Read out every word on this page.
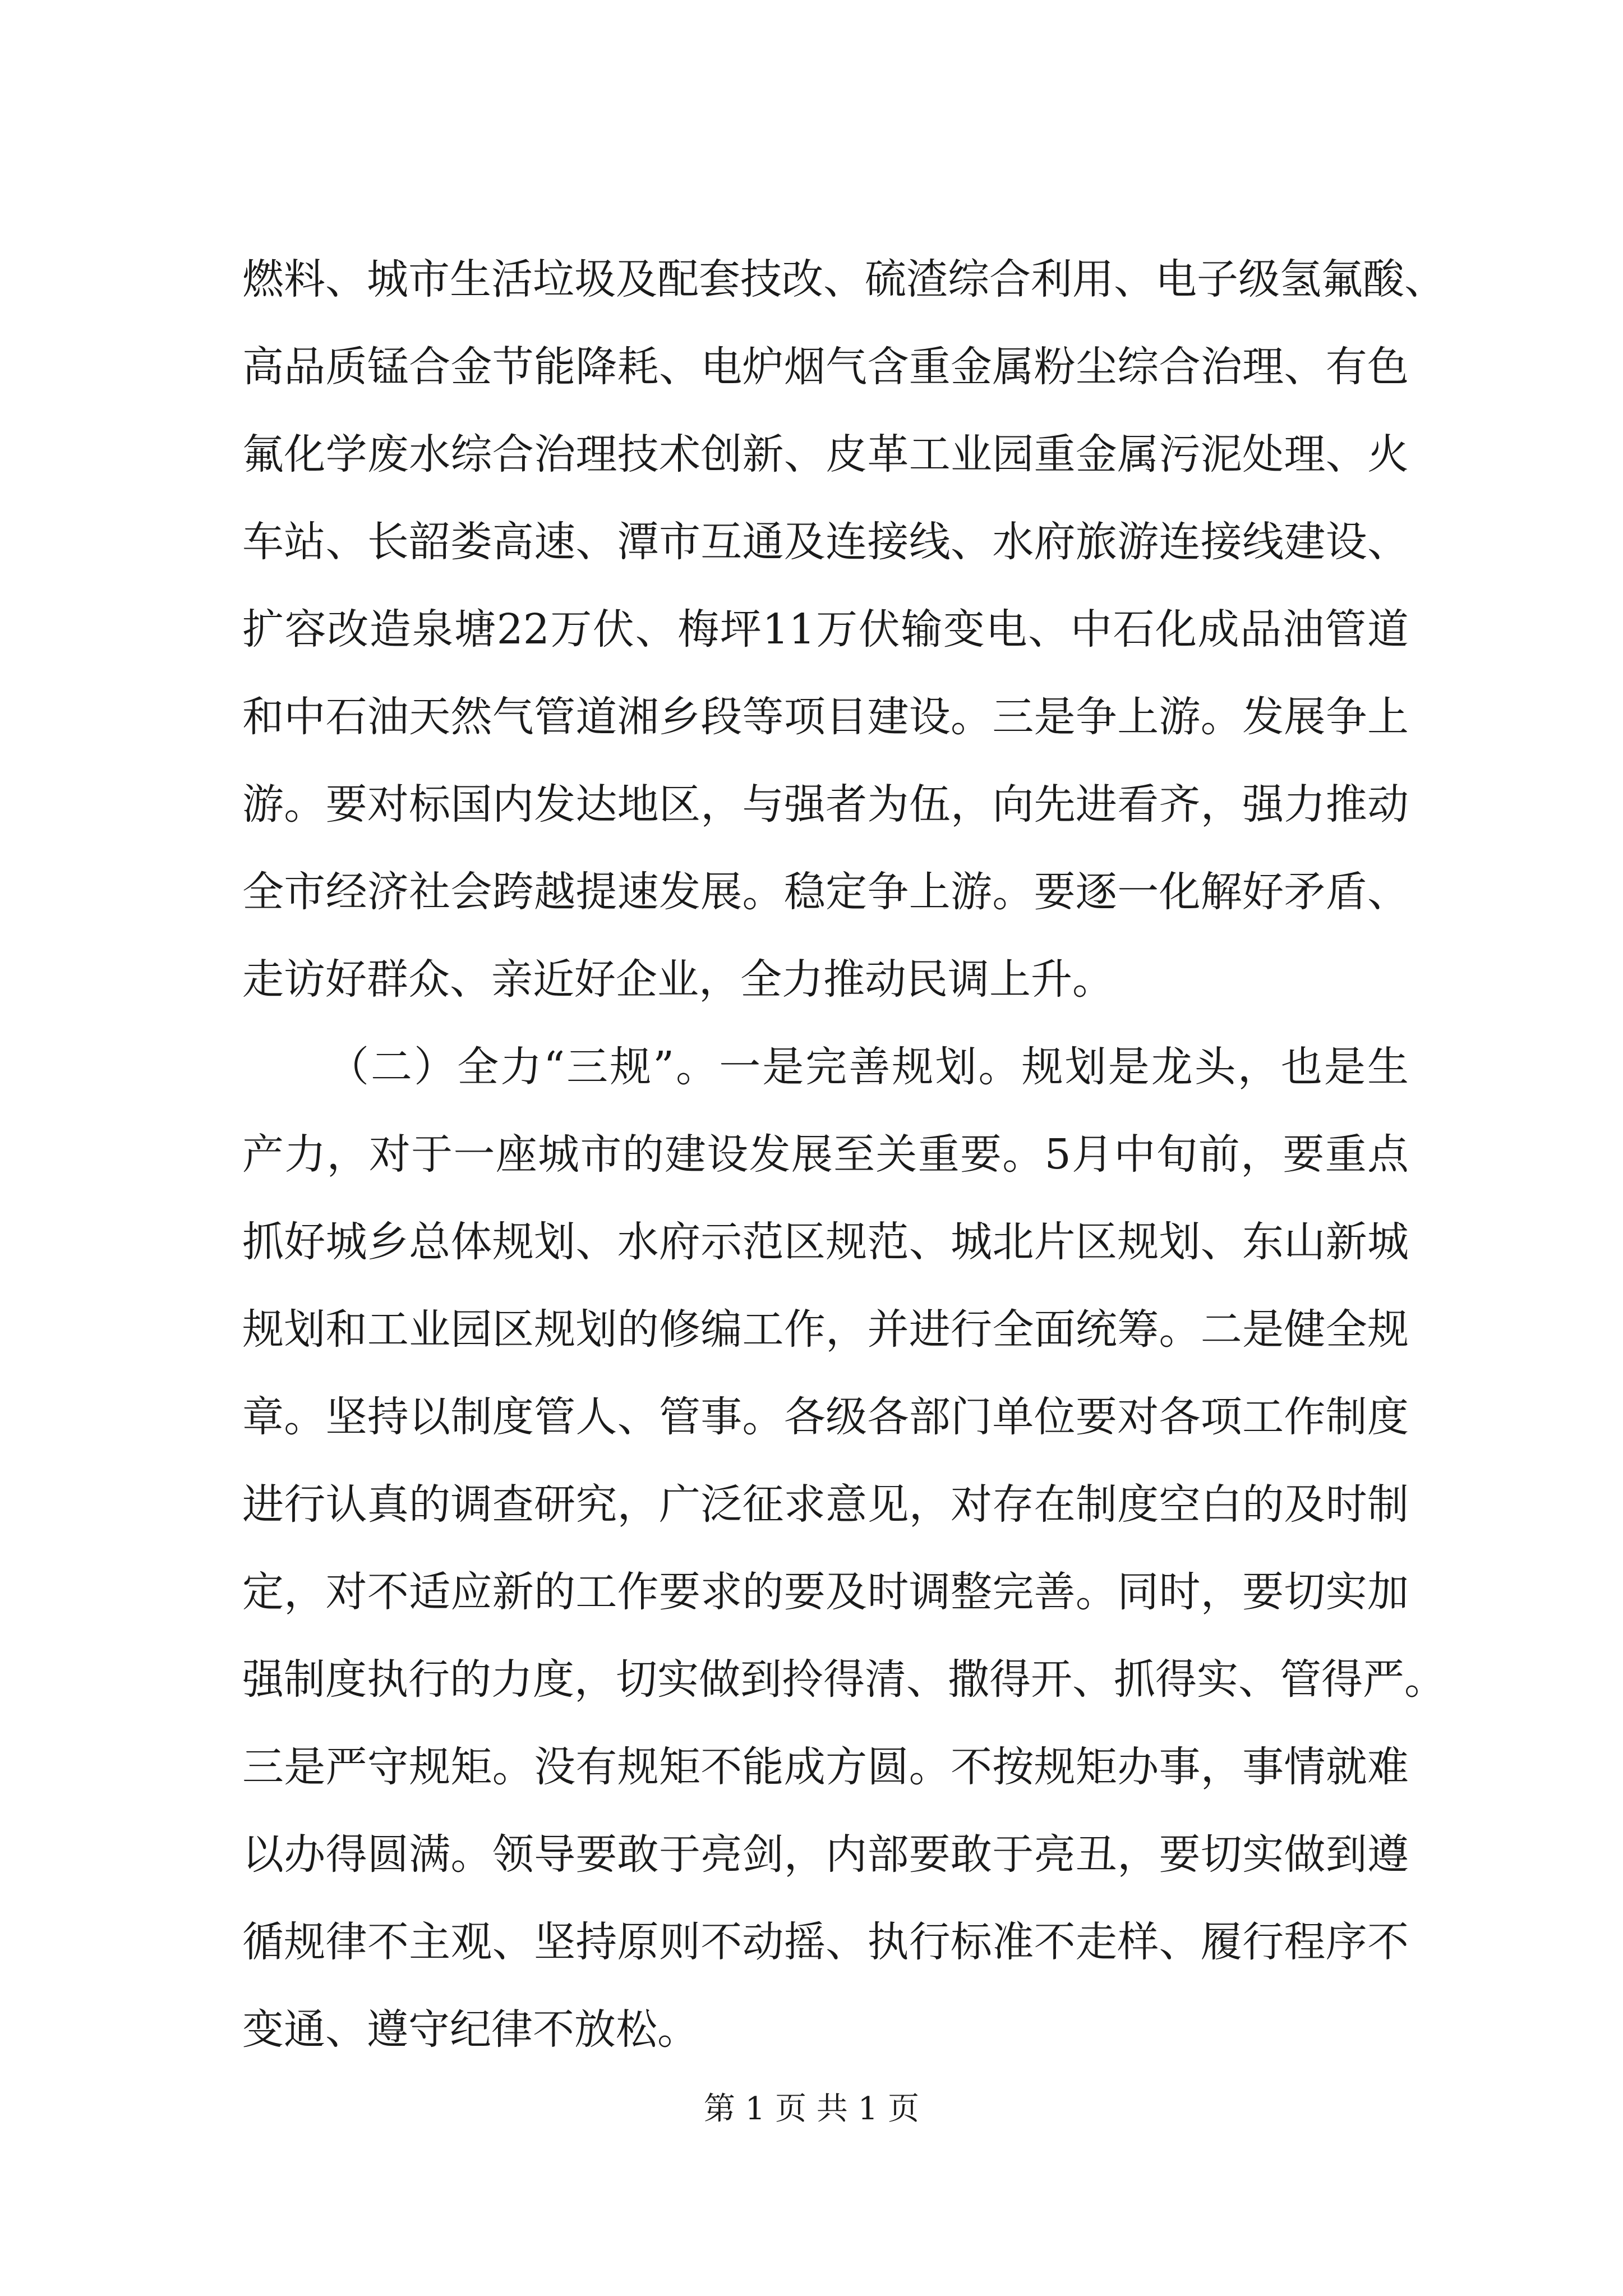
燃料、城市生活垃圾及配套技改、硫渣综合利用、电子级氢氟酸、
高品质锰合金节能降耗、电炉烟气含重金属粉尘综合治理、有色
氟化学废水综合治理技术创新、皮革工业园重金属污泥处理、火
车站、长韶娄高速、潭市互通及连接线、水府旅游连接线建设、
扩容改造泉塘22万伏、梅坪11万伏输变电、中石化成品油管道
和中石油天然气管道湘乡段等项目建设。三是争上游。发展争上
游。要对标国内发达地区，与强者为伍，向先进看齐，强力推动
全市经济社会跨越提速发展。稳定争上游。要逐一化解好矛盾、
走访好群众、亲近好企业，全力推动民调上升。
（二）全力“三规”。一是完善规划。规划是龙头，也是生
产力，对于一座城市的建设发展至关重要。5月中旬前，要重点
抓好城乡总体规划、水府示范区规范、城北片区规划、东山新城
规划和工业园区规划的修编工作，并进行全面统筹。二是健全规
章。坚持以制度管人、管事。各级各部门单位要对各项工作制度
进行认真的调查研究，广泛征求意见，对存在制度空白的及时制
定，对不适应新的工作要求的要及时调整完善。同时，要切实加
强制度执行的力度，切实做到拎得清、撒得开、抓得实、管得严。
三是严守规矩。没有规矩不能成方圆。不按规矩办事，事情就难
以办得圆满。领导要敢于亮剑，内部要敢于亮丑，要切实做到遵
循规律不主观、坚持原则不动摇、执行标准不走样、履行程序不
变通、遵守纪律不放松。
第 1 页 共 1 页
